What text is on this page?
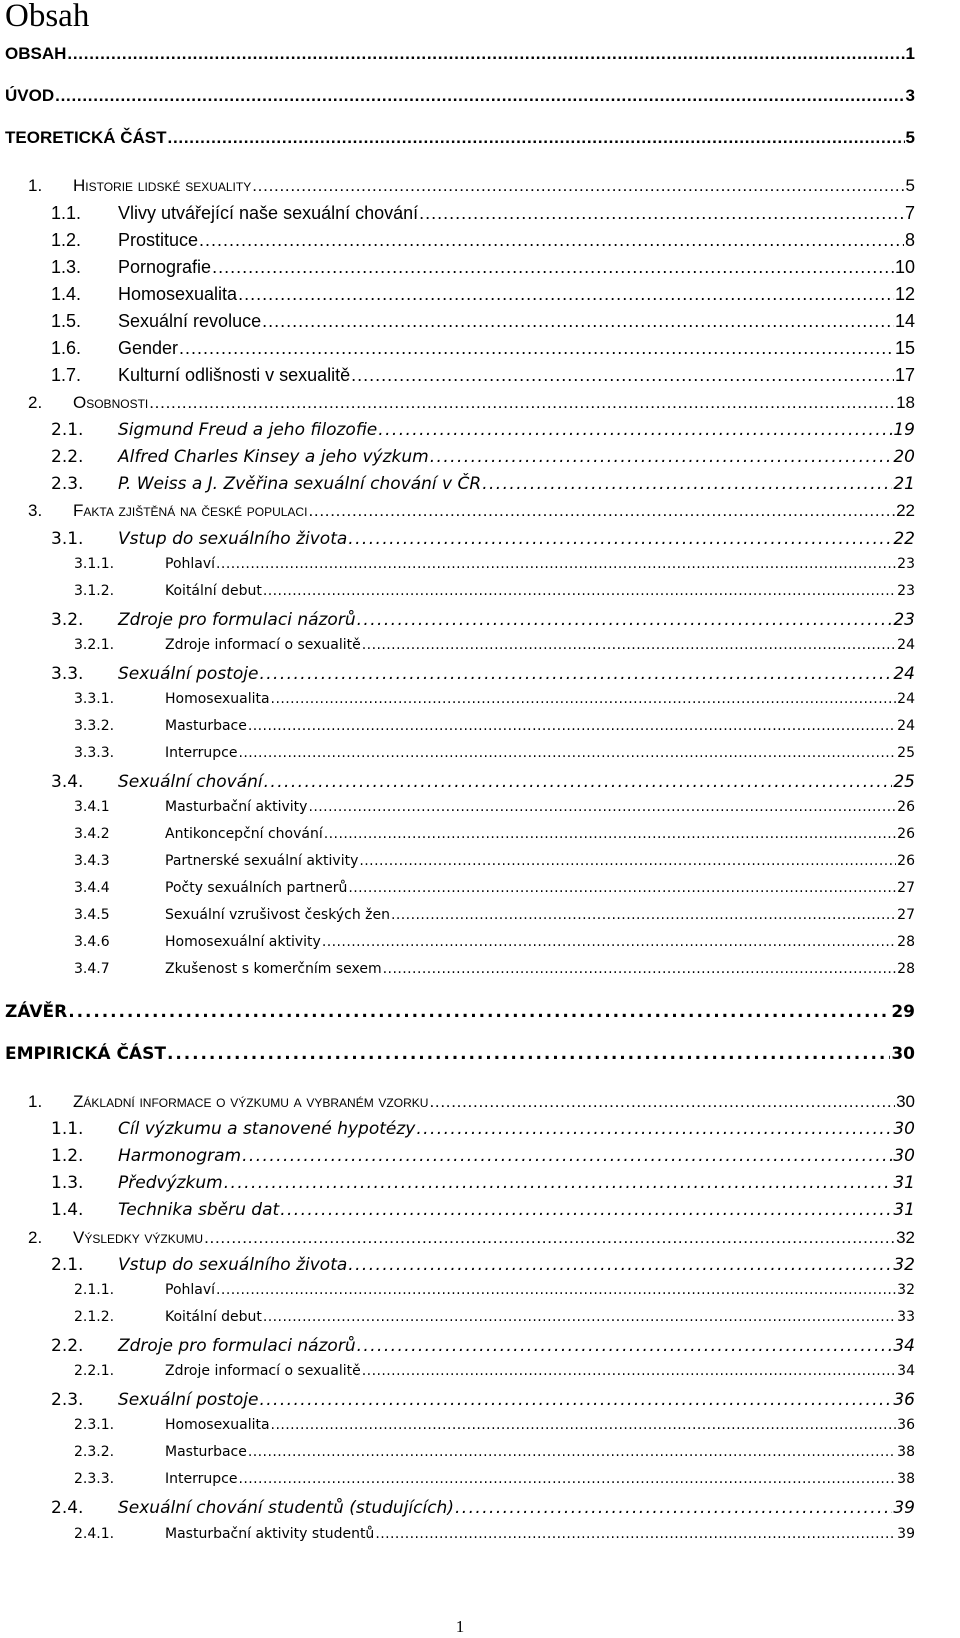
Obsah
OBSAH . . .	1
ÚVOD . . .	3
TEORETICKÁ ČÁST . . .	5
1.	Historie lidské sexuality . . .	5
1.1.	Vlivy utvářející naše sexuální chování . . .	7
1.2.	Prostituce . . .	8
1.3.	Pornografie . . .	10
1.4.	Homosexualita . . .	12
1.5.	Sexuální revoluce . . .	14
1.6.	Gender . . .	15
1.7.	Kulturní odlišnosti v sexualitě . . .	17
2.	Osobnosti . . .	18
2.1.	Sigmund Freud a jeho filozofie . . .	19
2.2.	Alfred Charles Kinsey a jeho výzkum . . .	20
2.3.	P. Weiss a J. Zvěřina sexuální chování v ČR . . .	21
3.	Fakta zjištěná na české populaci . . .	22
3.1.	Vstup do sexuálního života . . .	22
3.1.1.	Pohlaví . . .	23
3.1.2.	Koitální debut . . .	23
3.2.	Zdroje pro formulaci názorů . . .	23
3.2.1.	Zdroje informací o sexualitě . . .	24
3.3.	Sexuální postoje . . .	24
3.3.1.	Homosexualita . . .	24
3.3.2.	Masturbace . . .	24
3.3.3.	Interrupce . . .	25
3.4.	Sexuální chování . . .	25
3.4.1	Masturbační aktivity . . .	26
3.4.2	Antikoncepční chování . . .	26
3.4.3	Partnerské sexuální aktivity . . .	26
3.4.4	Počty sexuálních partnerů . . .	27
3.4.5	Sexuální vzrušivost českých žen . . .	27
3.4.6	Homosexuální aktivity . . .	28
3.4.7	Zkušenost s komerčním sexem . . .	28
ZÁVĚR . . .	29
EMPIRICKÁ ČÁST . . .	30
1.	Základní informace o výzkumu a vybraném vzorku . . .	30
1.1.	Cíl výzkumu a stanovené hypotézy . . .	30
1.2.	Harmonogram . . .	30
1.3.	Předvýzkum . . .	31
1.4.	Technika sběru dat . . .	31
2.	Výsledky výzkumu . . .	32
2.1.	Vstup do sexuálního života . . .	32
2.1.1.	Pohlaví . . .	32
2.1.2.	Koitální debut . . .	33
2.2.	Zdroje pro formulaci názorů . . .	34
2.2.1.	Zdroje informací o sexualitě . . .	34
2.3.	Sexuální postoje . . .	36
2.3.1.	Homosexualita . . .	36
2.3.2.	Masturbace . . .	38
2.3.3.	Interrupce . . .	38
2.4.	Sexuální chování studentů (studujících) . . .	39
2.4.1.	Masturbační aktivity studentů . . .	39
1
